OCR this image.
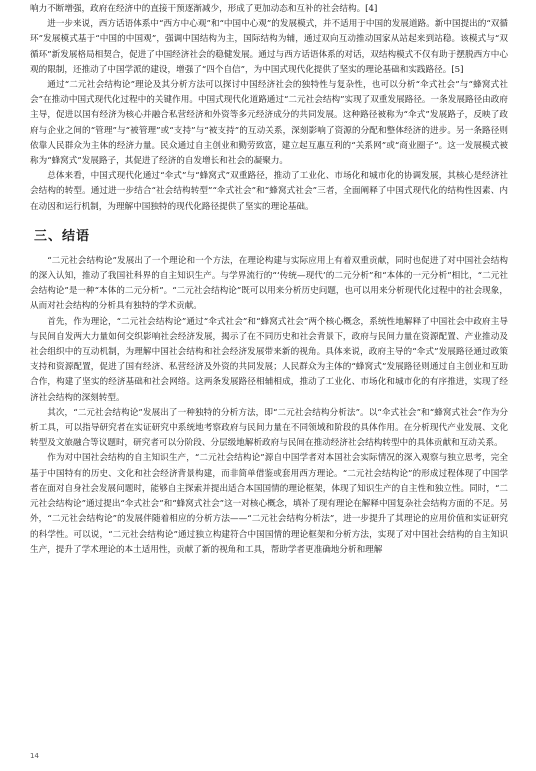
响力不断增强，政府在经济中的直接干预逐渐减少，形成了更加动态和互补的社会结构。[4]

进一步来说，西方话语体系中“西方中心观”和“中国中心观”的发展模式，并不适用于中国的发展道路。新中国提出的“双循环”发展模式基于“中国的中国观”，强调中国结构为主，国际结构为辅，通过双向互动推动国家从站起来到站稳。该模式与“双循环”新发展格局相契合，促进了中国经济社会的稳健发展。通过与西方话语体系的对话，双结构模式不仅有助于摆脱西方中心观的限制，还推动了中国学派的建设，增强了“四个自信”，为中国式现代化提供了坚实的理论基础和实践路径。[5]

通过“二元社会结构论”理论及其分析方法可以探讨中国经济社会的独特性与复杂性，也可以分析“伞式社会”与“蜂窝式社会”在推动中国式现代化过程中的关键作用。中国式现代化道路通过“二元社会结构”实现了双重发展路径。一条发展路径由政府主导，促进以国有经济为核心并融合私营经济和外资等多元经济成分的共同发展。这种路径被称为“伞式”发展路子，反映了政府与企业之间的“管理”与“被管理”或“支持”与“被支持”的互动关系，深刻影响了资源的分配和整体经济的进步。另一条路径则依靠人民群众为主体的经济力量。民众通过自主创业和勤劳致富，建立起互惠互利的“关系网”或“商业圈子”。这一发展模式被称为“蜂窝式”发展路子，其促进了经济的自发增长和社会的凝聚力。

总体来看，中国式现代化通过“伞式”与“蜂窝式”双重路径，推动了工业化、市场化和城市化的协调发展，其核心是经济社会结构的转型。通过进一步结合“社会结构转型”“伞式社会”和“蜂窝式社会”三者，全面阐释了中国式现代化的结构性因素、内在动因和运行机制，为理解中国独特的现代化路径提供了坚实的理论基础。

三、结语

“二元社会结构论”发展出了一个理论和一个方法，在理论构建与实际应用上有着双重贡献，同时也促进了对中国社会结构的深入认知，推动了我国社科界的自主知识生产。与学界流行的“‘传统—现代’的二元分析”和“本体的一元分析”相比，“二元社会结构论”是一种“本体的二元分析”。“二元社会结构论”既可以用来分析历史问题，也可以用来分析现代化过程中的社会现象，从而对社会结构的分析具有独特的学术贡献。

首先，作为理论，“二元社会结构论”通过“伞式社会”和“蜂窝式社会”两个核心概念，系统性地解释了中国社会中政府主导与民间自发两大力量如何交织影响社会经济发展，揭示了在不同历史和社会背景下，政府与民间力量在资源配置、产业推动及社会组织中的互动机制，为理解中国社会结构和社会经济发展带来新的视角。具体来说，政府主导的“伞式”发展路径通过政策支持和资源配置，促进了国有经济、私营经济及外资的共同发展；人民群众为主体的“蜂窝式”发展路径则通过自主创业和互助合作，构建了坚实的经济基础和社会网络。这两条发展路径相辅相成，推动了工业化、市场化和城市化的有序推进，实现了经济社会结构的深刻转型。

其次，“二元社会结构论”发展出了一种独特的分析方法，即“二元社会结构分析法”。以“伞式社会”和“蜂窝式社会”作为分析工具，可以指导研究者在实证研究中系统地考察政府与民间力量在不同领域和阶段的具体作用。在分析现代产业发展、文化转型及文旅融合等议题时，研究者可以分阶段、分层级地解析政府与民间在推动经济社会结构转型中的具体贡献和互动关系。

作为对中国社会结构的自主知识生产，“二元社会结构论”源自中国学者对本国社会实际情况的深入观察与独立思考，完全基于中国特有的历史、文化和社会经济背景构建，而非简单借鉴或套用西方理论。“二元社会结构论”的形成过程体现了中国学者在面对自身社会发展问题时，能够自主探索并提出适合本国国情的理论框架，体现了知识生产的自主性和独立性。同时，“二元社会结构论”通过提出“伞式社会”和“蜂窝式社会”这一对核心概念，填补了现有理论在解释中国复杂社会结构方面的不足。另外，“二元社会结构论”的发展伴随着相应的分析方法——“二元社会结构分析法”，进一步提升了其理论的应用价值和实证研究的科学性。可以说，“二元社会结构论”通过独立构建符合中国国情的理论框架和分析方法，实现了对中国社会结构的自主知识生产，提升了学术理论的本土适用性，贡献了新的视角和工具，帮助学者更准确地分析和理解

14
